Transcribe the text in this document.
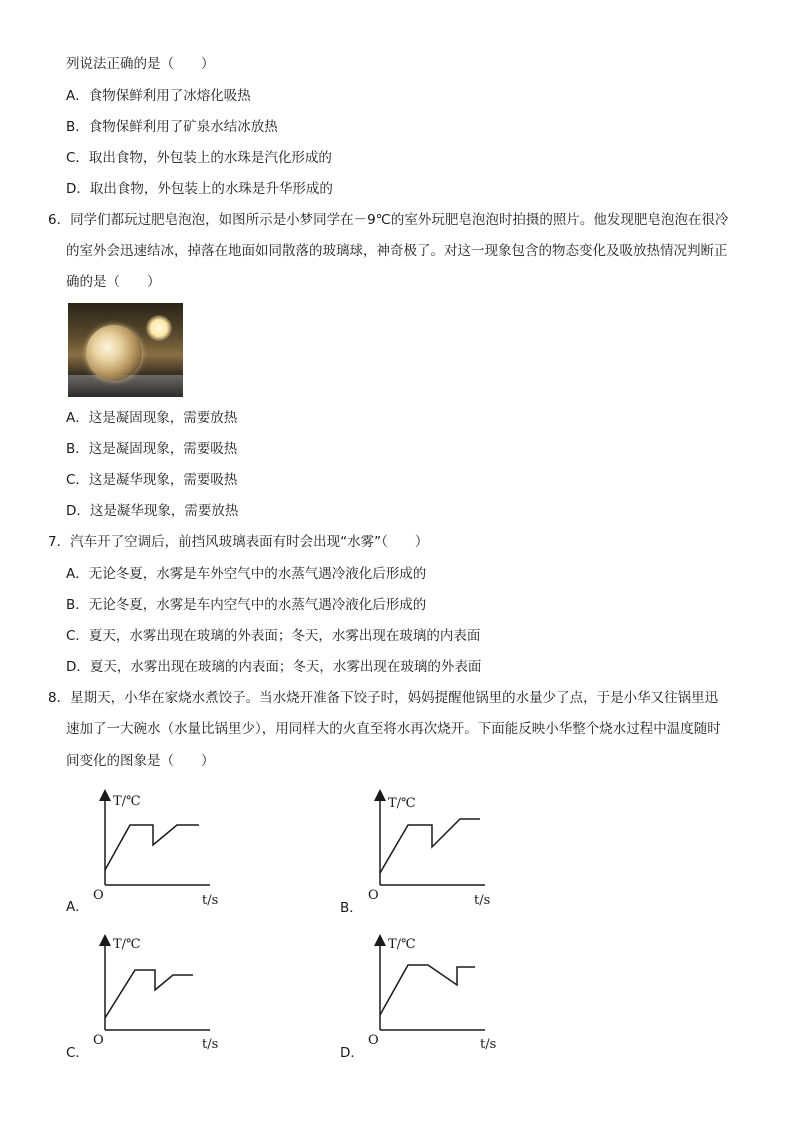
列说法正确的是（　　）
A．食物保鲜利用了冰熔化吸热
B．食物保鲜利用了矿泉水结冰放热
C．取出食物，外包装上的水珠是汽化形成的
D．取出食物，外包装上的水珠是升华形成的
6．同学们都玩过肥皂泡泡，如图所示是小梦同学在－9℃的室外玩肥皂泡泡时拍摄的照片。他发现肥皂泡泡在很冷
的室外会迅速结冰，掉落在地面如同散落的玻璃球，神奇极了。对这一现象包含的物态变化及吸放热情况判断正
确的是（　　）
A．这是凝固现象，需要放热
B．这是凝固现象，需要吸热
C．这是凝华现象，需要吸热
D．这是凝华现象，需要放热
7．汽车开了空调后，前挡风玻璃表面有时会出现“水雾”（　　）
A．无论冬夏，水雾是车外空气中的水蒸气遇冷液化后形成的
B．无论冬夏，水雾是车内空气中的水蒸气遇冷液化后形成的
C．夏天，水雾出现在玻璃的外表面；冬天，水雾出现在玻璃的内表面
D．夏天，水雾出现在玻璃的内表面；冬天，水雾出现在玻璃的外表面
8．星期天，小华在家烧水煮饺子。当水烧开准备下饺子时，妈妈提醒他锅里的水量少了点，于是小华又往锅里迅
速加了一大碗水（水量比锅里少），用同样大的火直至将水再次烧开。下面能反映小华整个烧水过程中温度随时
间变化的图象是（　　）
T/℃
O	t/s
A．
T/℃
O	t/s
B．
T/℃
O	t/s
C．
T/℃
O	t/s
D．
